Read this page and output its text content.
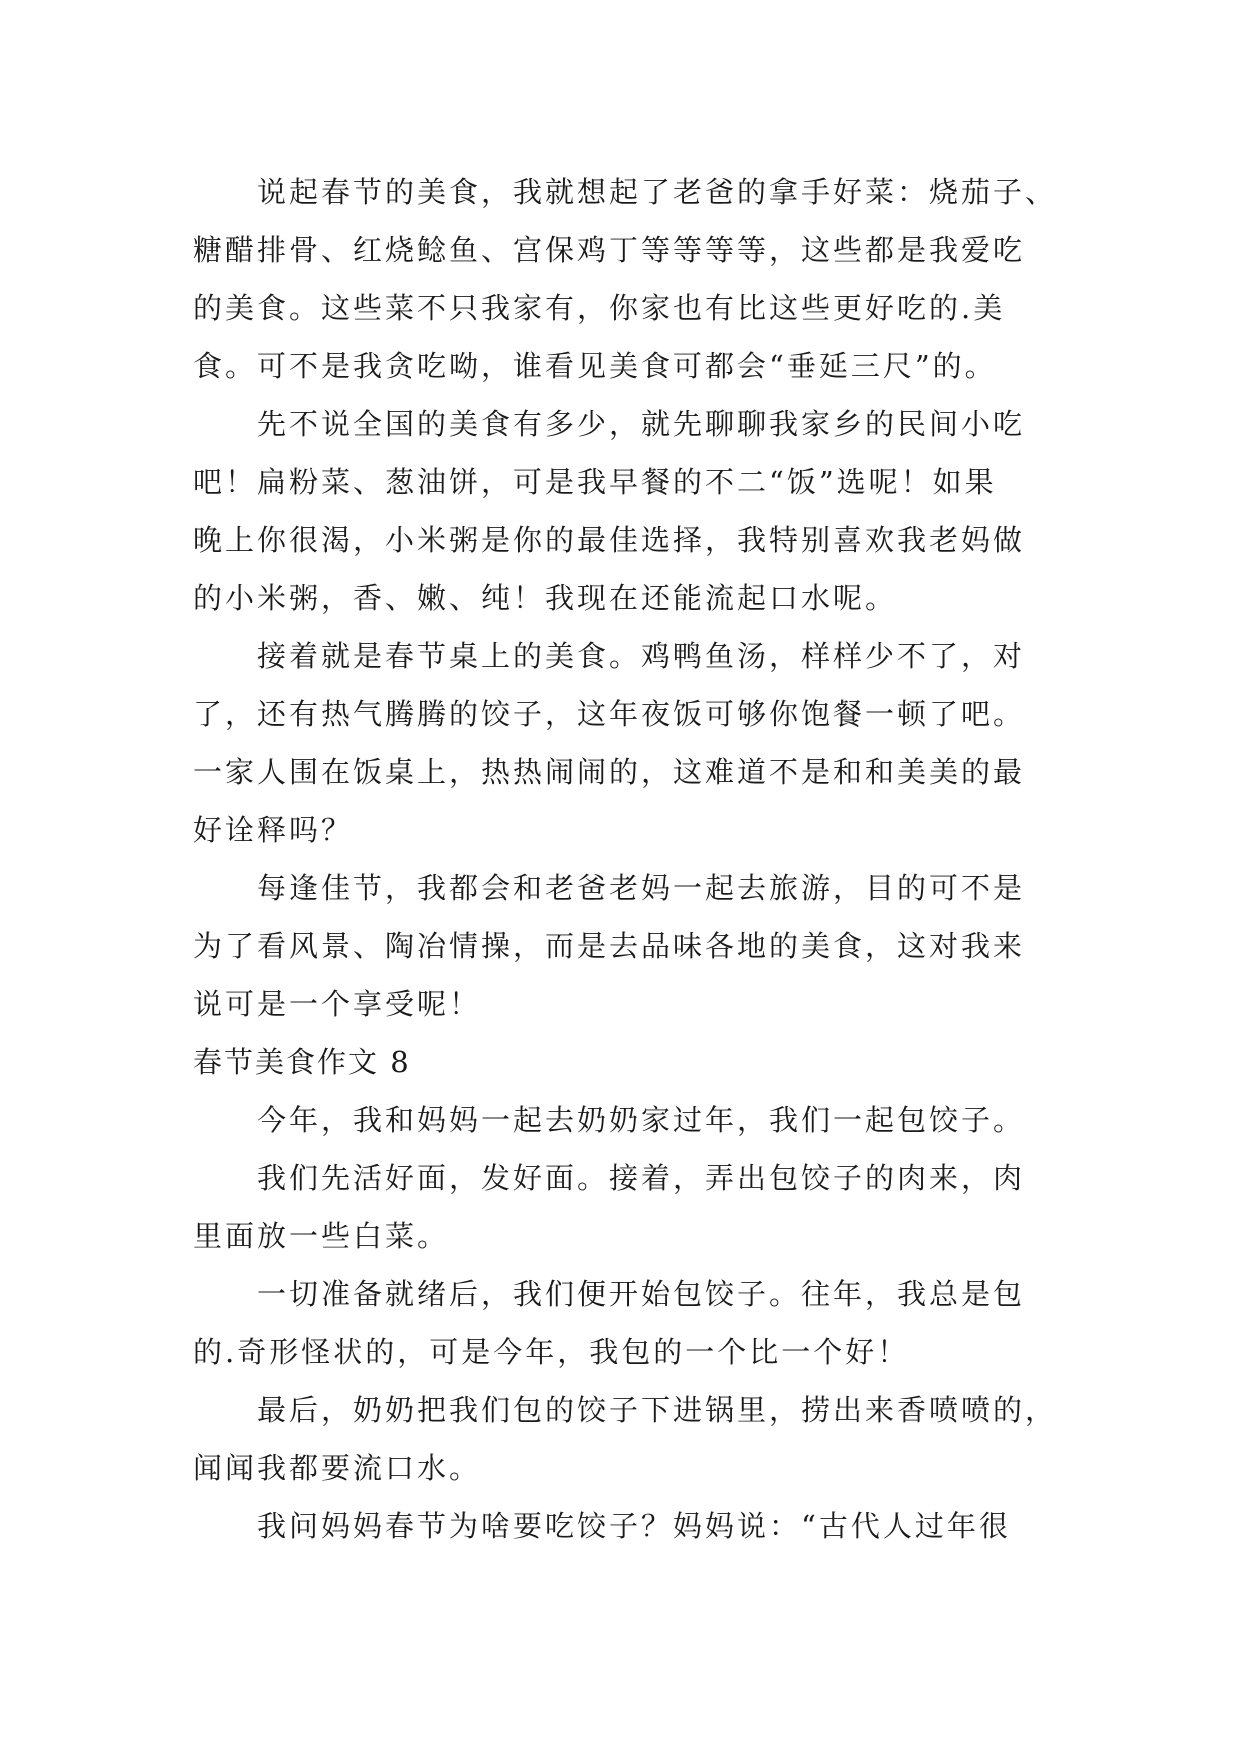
说起春节的美食，我就想起了老爸的拿手好菜：烧茄子、
糖醋排骨、红烧鲶鱼、宫保鸡丁等等等等，这些都是我爱吃
的美食。这些菜不只我家有，你家也有比这些更好吃的.美
食。可不是我贪吃呦，谁看见美食可都会“垂延三尺”的。
先不说全国的美食有多少，就先聊聊我家乡的民间小吃
吧！扁粉菜、葱油饼，可是我早餐的不二“饭”选呢！如果
晚上你很渴，小米粥是你的最佳选择，我特别喜欢我老妈做
的小米粥，香、嫩、纯！我现在还能流起口水呢。
接着就是春节桌上的美食。鸡鸭鱼汤，样样少不了，对
了，还有热气腾腾的饺子，这年夜饭可够你饱餐一顿了吧。
一家人围在饭桌上，热热闹闹的，这难道不是和和美美的最
好诠释吗？
每逢佳节，我都会和老爸老妈一起去旅游，目的可不是
为了看风景、陶冶情操，而是去品味各地的美食，这对我来
说可是一个享受呢！
春节美食作文 8
今年，我和妈妈一起去奶奶家过年，我们一起包饺子。
我们先活好面，发好面。接着，弄出包饺子的肉来，肉
里面放一些白菜。
一切准备就绪后，我们便开始包饺子。往年，我总是包
的.奇形怪状的，可是今年，我包的一个比一个好！
最后，奶奶把我们包的饺子下进锅里，捞出来香喷喷的，
闻闻我都要流口水。
我问妈妈春节为啥要吃饺子？妈妈说：“古代人过年很
